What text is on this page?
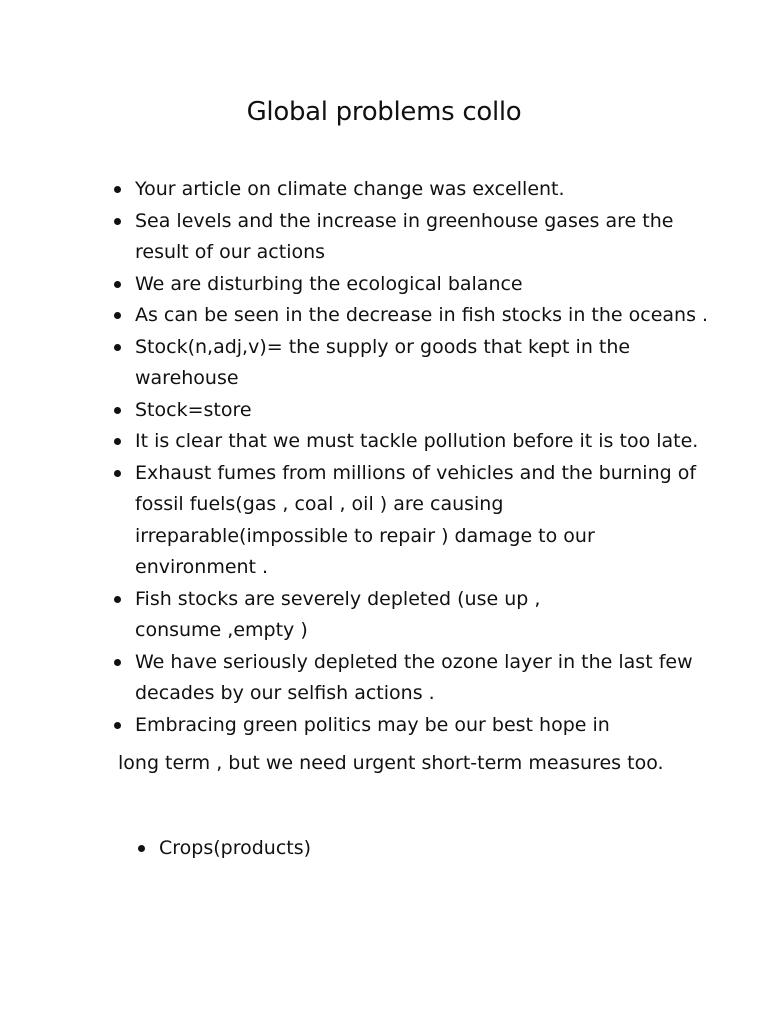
Global problems collo
Your article on climate change was excellent.
Sea levels and the increase in greenhouse gases are the
result of our actions
We are disturbing the ecological balance
As can be seen in the decrease in fish stocks in the oceans .
Stock(n,adj,v)= the supply or goods that kept in the
warehouse
Stock=store
It is clear that we must tackle pollution before it is too late.
Exhaust fumes from millions of vehicles and the burning of
fossil fuels(gas , coal , oil ) are causing
irreparable(impossible to repair ) damage to our
environment .
Fish stocks are severely depleted (use up ,
consume ,empty )
We have seriously depleted the ozone layer in the last few
decades by our selfish actions .
Embracing green politics may be our best hope in

long term , but we need urgent short-term measures too.

Crops(products)
